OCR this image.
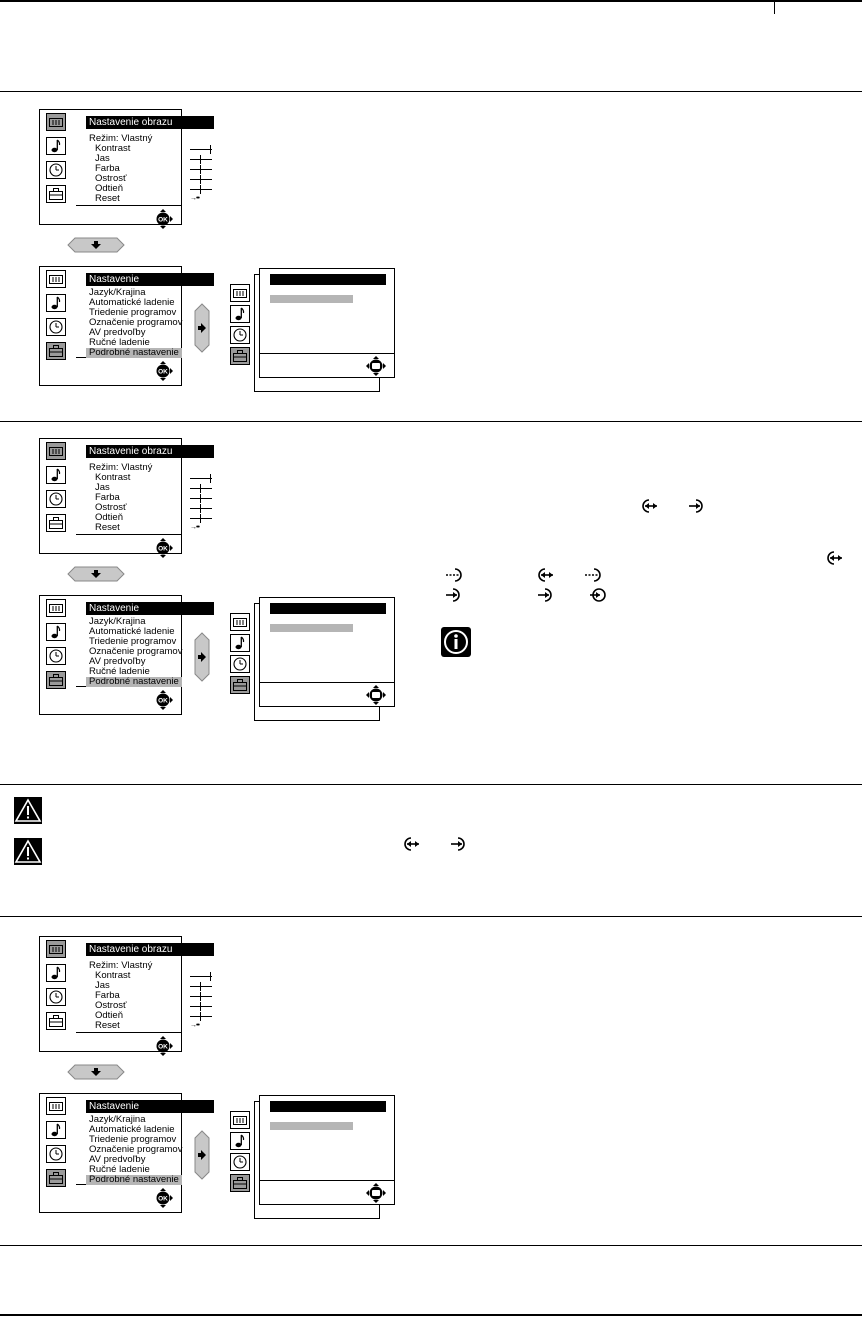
Nastavenie obrazu
Režim: Vlastný
Kontrast
Jas
Farba
Ostrosť
Odtieň
Reset	→••
OK
Nastavenie
Jazyk/Krajina
Automatické ladenie
Triedenie programov
Označenie programov
AV predvoľby
Ručné ladenie
Podrobné nastavenie
OK
Nastavenie obrazu
Režim: Vlastný
Kontrast
Jas
Farba
Ostrosť
Odtieň
Reset	→••
OK
Nastavenie
Jazyk/Krajina
Automatické ladenie
Triedenie programov
Označenie programov
AV predvoľby
Ručné ladenie
Podrobné nastavenie
OK
Nastavenie obrazu
Režim: Vlastný
Kontrast
Jas
Farba
Ostrosť
Odtieň
Reset	→••
OK
Nastavenie
Jazyk/Krajina
Automatické ladenie
Triedenie programov
Označenie programov
AV predvoľby
Ručné ladenie
Podrobné nastavenie
OK
